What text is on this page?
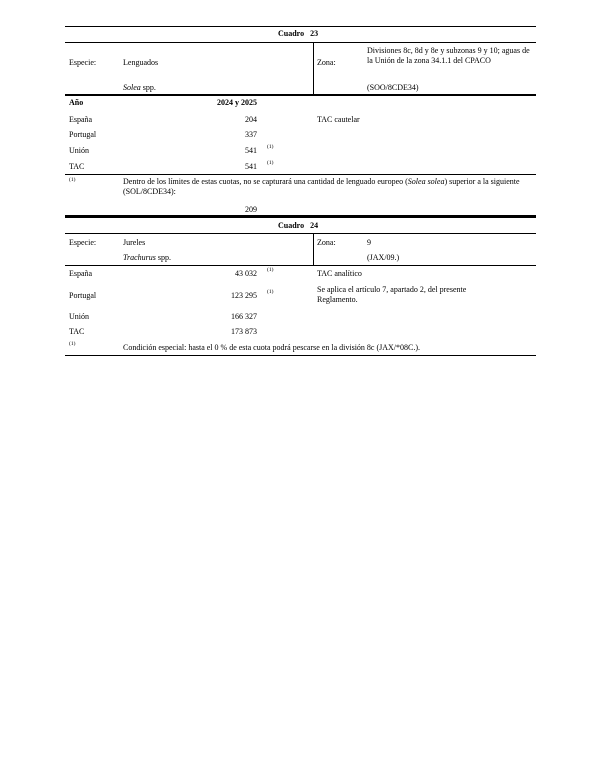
Cuadro 23
Especie:	Lenguados
Solea spp.
Zona:
Divisiones 8c, 8d y 8e y subzonas 9 y 10; aguas de la Unión de la zona 34.1.1 del CPACO
(SOO/8CDE34)
Año	2024 y 2025
España	204	TAC cautelar
Portugal	337
Unión	541 (1)
TAC	541 (1)
(1)	Dentro de los límites de estas cuotas, no se capturará una cantidad de lenguado europeo (Solea solea) superior a la siguiente (SOL/8CDE34):
209
Cuadro 24
Especie:	Jureles
Trachurus spp.
Zona:	9
(JAX/09.)
España	43 032 (1)	TAC analítico
Portugal	123 295 (1)	Se aplica el artículo 7, apartado 2, del presente Reglamento.
Unión	166 327
TAC	173 873
(1)	Condición especial: hasta el 0 % de esta cuota podrá pescarse en la división 8c (JAX/*08C.).
